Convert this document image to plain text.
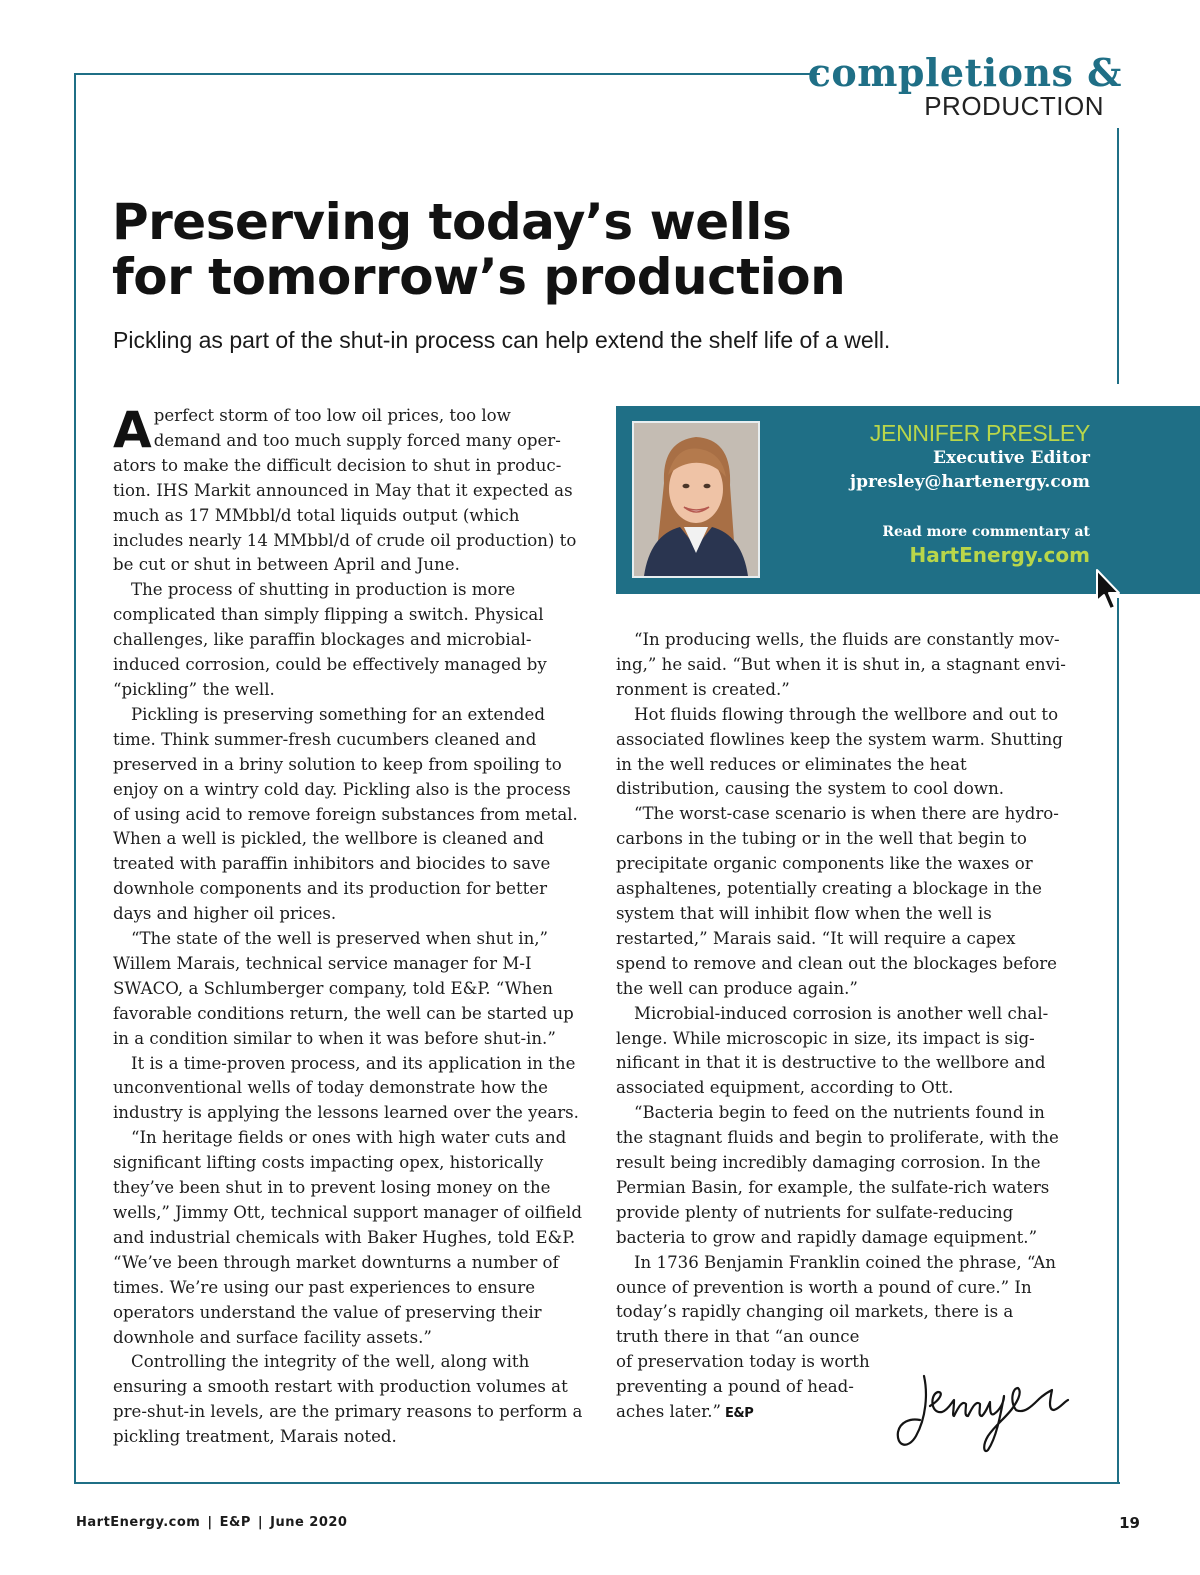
completions &
PRODUCTION
Preserving today’s wells
for tomorrow’s production

Pickling as part of the shut-in process can help extend the shelf life of a well.

Aperfect storm of too low oil prices, too low demand and too much supply forced many operators to make the difficult decision to shut in production. IHS Markit announced in May that it expected as much as 17 MMbbl/d total liquids output (which includes nearly 14 MMbbl/d of crude oil production) to be cut or shut in between April and June.

The process of shutting in production is more complicated than simply flipping a switch. Physical challenges, like paraffin blockages and microbial-induced corrosion, could be effectively managed by “pickling” the well.

Pickling is preserving something for an extended time. Think summer-fresh cucumbers cleaned and preserved in a briny solution to keep from spoiling to enjoy on a wintry cold day. Pickling also is the process of using acid to remove foreign substances from metal. When a well is pickled, the wellbore is cleaned and treated with paraffin inhibitors and biocides to save downhole components and its production for better days and higher oil prices.

“The state of the well is preserved when shut in,” Willem Marais, technical service manager for M-I SWACO, a Schlumberger company, told E&P. “When favorable conditions return, the well can be started up in a condition similar to when it was before shut-in.”

It is a time-proven process, and its application in the unconventional wells of today demonstrate how the industry is applying the lessons learned over the years.

“In heritage fields or ones with high water cuts and significant lifting costs impacting opex, historically they’ve been shut in to prevent losing money on the wells,” Jimmy Ott, technical support manager of oilfield and industrial chemicals with Baker Hughes, told E&P. “We’ve been through market downturns a number of times. We’re using our past experiences to ensure operators understand the value of preserving their downhole and surface facility assets.”

Controlling the integrity of the well, along with ensuring a smooth restart with production volumes at pre-shut-in levels, are the primary reasons to perform a pickling treatment, Marais noted.

JENNIFER PRESLEY
Executive Editor
jpresley@hartenergy.com
Read more commentary at
HartEnergy.com

“In producing wells, the fluids are constantly moving,” he said. “But when it is shut in, a stagnant environment is created.”

Hot fluids flowing through the wellbore and out to associated flowlines keep the system warm. Shutting in the well reduces or eliminates the heat distribution, causing the system to cool down.

“The worst-case scenario is when there are hydrocarbons in the tubing or in the well that begin to precipitate organic components like the waxes or asphaltenes, potentially creating a blockage in the system that will inhibit flow when the well is restarted,” Marais said. “It will require a capex spend to remove and clean out the blockages before the well can produce again.”

Microbial-induced corrosion is another well challenge. While microscopic in size, its impact is significant in that it is destructive to the wellbore and associated equipment, according to Ott.

“Bacteria begin to feed on the nutrients found in the stagnant fluids and begin to proliferate, with the result being incredibly damaging corrosion. In the Permian Basin, for example, the sulfate-rich waters provide plenty of nutrients for sulfate-reducing bacteria to grow and rapidly damage equipment.”

In 1736 Benjamin Franklin coined the phrase, “An ounce of prevention is worth a pound of cure.” In today’s rapidly changing oil markets, there is a

truth there in that “an ounce
of preservation today is worth
preventing a pound of head-
aches later.” E&P
HartEnergy.com | E&P | June 2020	19
